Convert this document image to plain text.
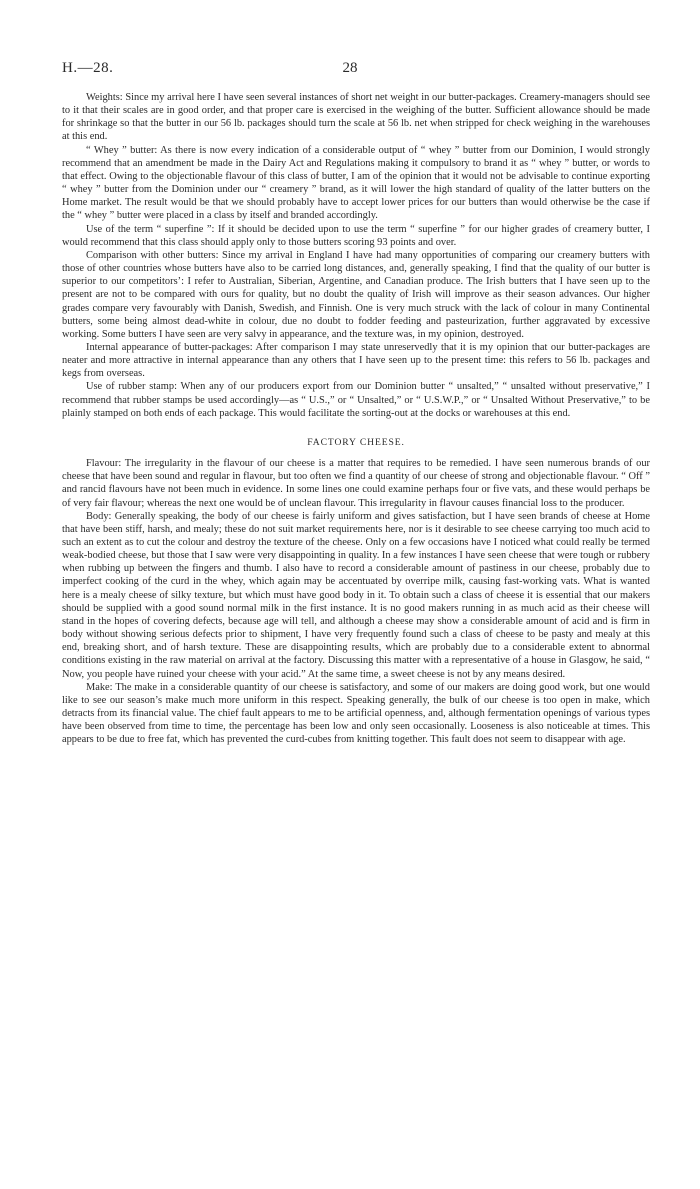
H.—28.	28

Weights: Since my arrival here I have seen several instances of short net weight in our butter-packages. Creamery-managers should see to it that their scales are in good order, and that proper care is exercised in the weighing of the butter. Sufficient allowance should be made for shrinkage so that the butter in our 56 lb. packages should turn the scale at 56 lb. net when stripped for check weighing in the warehouses at this end.

“ Whey ” butter: As there is now every indication of a considerable output of “ whey ” butter from our Dominion, I would strongly recommend that an amendment be made in the Dairy Act and Regulations making it compulsory to brand it as “ whey ” butter, or words to that effect. Owing to the objectionable flavour of this class of butter, I am of the opinion that it would not be advisable to continue exporting “ whey ” butter from the Dominion under our “ creamery ” brand, as it will lower the high standard of quality of the latter butters on the Home market. The result would be that we should probably have to accept lower prices for our butters than would otherwise be the case if the “ whey ” butter were placed in a class by itself and branded accordingly.

Use of the term “ superfine ”: If it should be decided upon to use the term “ superfine ” for our higher grades of creamery butter, I would recommend that this class should apply only to those butters scoring 93 points and over.

Comparison with other butters: Since my arrival in England I have had many opportunities of comparing our creamery butters with those of other countries whose butters have also to be carried long distances, and, generally speaking, I find that the quality of our butter is superior to our competitors’: I refer to Australian, Siberian, Argentine, and Canadian produce. The Irish butters that I have seen up to the present are not to be compared with ours for quality, but no doubt the quality of Irish will improve as their season advances. Our higher grades compare very favourably with Danish, Swedish, and Finnish. One is very much struck with the lack of colour in many Continental butters, some being almost dead-white in colour, due no doubt to fodder feeding and pasteurization, further aggravated by excessive working. Some butters I have seen are very salvy in appearance, and the texture was, in my opinion, destroyed.

Internal appearance of butter-packages: After comparison I may state unreservedly that it is my opinion that our butter-packages are neater and more attractive in internal appearance than any others that I have seen up to the present time: this refers to 56 lb. packages and kegs from overseas.

Use of rubber stamp: When any of our producers export from our Dominion butter “ unsalted,” “ unsalted without preservative,” I recommend that rubber stamps be used accordingly—as “ U.S.,” or “ Unsalted,” or “ U.S.W.P.,” or “ Unsalted Without Preservative,” to be plainly stamped on both ends of each package. This would facilitate the sorting-out at the docks or warehouses at this end.

FACTORY CHEESE.

Flavour: The irregularity in the flavour of our cheese is a matter that requires to be remedied. I have seen numerous brands of our cheese that have been sound and regular in flavour, but too often we find a quantity of our cheese of strong and objectionable flavour. “ Off ” and rancid flavours have not been much in evidence. In some lines one could examine perhaps four or five vats, and these would perhaps be of very fair flavour; whereas the next one would be of unclean flavour. This irregularity in flavour causes financial loss to the producer.

Body: Generally speaking, the body of our cheese is fairly uniform and gives satisfaction, but I have seen brands of cheese at Home that have been stiff, harsh, and mealy; these do not suit market requirements here, nor is it desirable to see cheese carrying too much acid to such an extent as to cut the colour and destroy the texture of the cheese. Only on a few occasions have I noticed what could really be termed weak-bodied cheese, but those that I saw were very disappointing in quality. In a few instances I have seen cheese that were tough or rubbery when rubbing up between the fingers and thumb. I also have to record a considerable amount of pastiness in our cheese, probably due to imperfect cooking of the curd in the whey, which again may be accentuated by overripe milk, causing fast-working vats. What is wanted here is a mealy cheese of silky texture, but which must have good body in it. To obtain such a class of cheese it is essential that our makers should be supplied with a good sound normal milk in the first instance. It is no good makers running in as much acid as their cheese will stand in the hopes of covering defects, because age will tell, and although a cheese may show a considerable amount of acid and is firm in body without showing serious defects prior to shipment, I have very frequently found such a class of cheese to be pasty and mealy at this end, breaking short, and of harsh texture. These are disappointing results, which are probably due to a considerable extent to abnormal conditions existing in the raw material on arrival at the factory. Discussing this matter with a representative of a house in Glasgow, he said, “ Now, you people have ruined your cheese with your acid.” At the same time, a sweet cheese is not by any means desired.

Make: The make in a considerable quantity of our cheese is satisfactory, and some of our makers are doing good work, but one would like to see our season’s make much more uniform in this respect. Speaking generally, the bulk of our cheese is too open in make, which detracts from its financial value. The chief fault appears to me to be artificial openness, and, although fermentation openings of various types have been observed from time to time, the percentage has been low and only seen occasionally. Looseness is also noticeable at times. This appears to be due to free fat, which has prevented the curd-cubes from knitting together. This fault does not seem to disappear with age.
